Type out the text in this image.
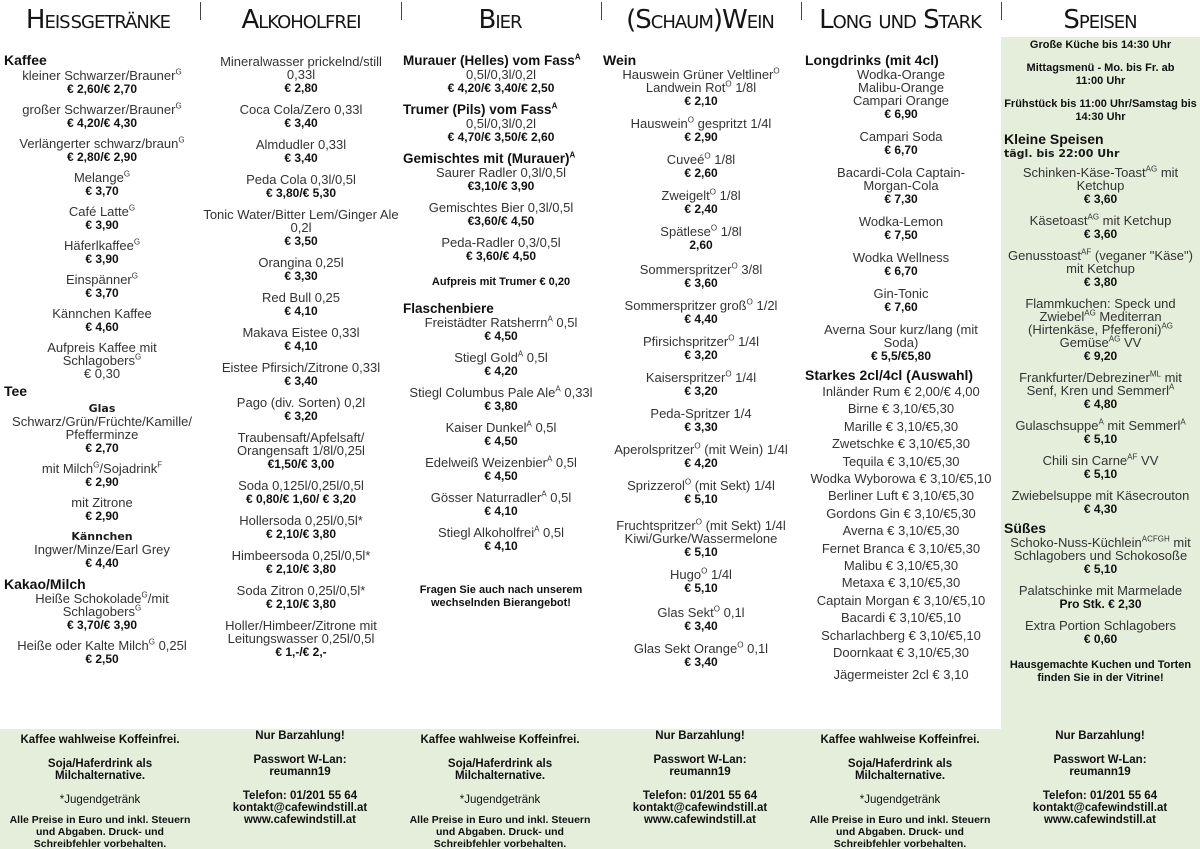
Heißgetränke	Alkoholfrei	Bier	(Schaum)Wein	Long und Stark	Speisen
Kaffee
kleiner Schwarzer/Brauner$^G$
€ 2,60/€ 2,70
großer Schwarzer/Brauner$^G$
€ 4,20/€ 4,30
Verlängerter schwarz/braun$^G$
€ 2,80/€ 2,90
Melange$^G$
€ 3,70
Café Latte$^G$
€ 3,90
Häferlkaffee$^G$
€ 3,90
Einspänner$^G$
€ 3,70
Kännchen Kaffee
€ 4,60
Aufpreis Kaffee mit Schlagobers$^G$
€ 0,30
Tee
Glas
Schwarz/Grün/Früchte/Kamille/ Pfefferminze
€ 2,70
mit Milch$^G$/Sojadrink$^F$
€ 2,90
mit Zitrone
€ 2,90
Kännchen
Ingwer/Minze/Earl Grey
€ 4,40
Kakao/Milch
Heiße Schokolade$^G$/mit Schlagobers$^G$
€ 3,70/€ 3,90
Heiße oder Kalte Milch$^G$ 0,25l
€ 2,50
Mineralwasser prickelnd/still 0,33l
€ 2,80
Coca Cola/Zero 0,33l
€ 3,40
Almdudler 0,33l
€ 3,40
Peda Cola 0,3l/0,5l
€ 3,80/€ 5,30
Tonic Water/Bitter Lem/Ginger Ale 0,2l
€ 3,50
Orangina 0,25l
€ 3,30
Red Bull 0,25
€ 4,10
Makava Eistee 0,33l
€ 4,10
Eistee Pfirsich/Zitrone 0,33l
€ 3,40
Pago (div. Sorten) 0,2l
€ 3,20
Traubensaft/Apfelsaft/ Orangensaft 1/8l/0,25l
€1,50/€ 3,00
Soda 0,125l/0,25l/0,5l
€ 0,80/€ 1,60/ € 3,20
Hollersoda 0,25l/0,5l*
€ 2,10/€ 3,80
Himbeersoda 0,25l/0,5l*
€ 2,10/€ 3,80
Soda Zitron 0,25l/0,5l*
€ 2,10/€ 3,80
Holler/Himbeer/Zitrone mit Leitungswasser 0,25l/0,5l
€ 1,-/€ 2,-
Murauer (Helles) vom Fass$^A$
0,5l/0,3l/0,2l
€ 4,20/€ 3,40/€ 2,50
Trumer (Pils) vom Fass$^A$
0,5l/0,3l/0,2l
€ 4,70/€ 3,50/€ 2,60
Gemischtes mit (Murauer)$^A$
Saurer Radler 0,3l/0,5l
€3,10/€ 3,90
Gemischtes Bier 0,3l/0,5l
€3,60/€ 4,50
Peda-Radler 0,3/0,5l
€ 3,60/€ 4,50
Aufpreis mit Trumer € 0,20
Flaschenbiere
Freistädter Ratsherrn$^A$ 0,5l
€ 4,50
Stiegl Gold$^A$ 0,5l
€ 4,20
Stiegl Columbus Pale Ale$^A$ 0,33l
€ 3,80
Kaiser Dunkel$^A$ 0,5l
€ 4,50
Edelweiß Weizenbier$^A$ 0,5l
€ 4,50
Gösser Naturradler$^A$ 0,5l
€ 4,10
Stiegl Alkoholfrei$^A$ 0,5l
€ 4,10
Fragen Sie auch nach unserem wechselnden Bierangebot!
Wein
Hauswein Grüner Veltliner$^O$ Landwein Rot$^O$ 1/8l
€ 2,10
Hauswein$^O$ gespritzt 1/4l
€ 2,90
Cuveé$^O$ 1/8l
€ 2,60
Zweigelt$^O$ 1/8l
€ 2,40
Spätlese$^O$ 1/8l
2,60
Sommerspritzer$^O$ 3/8l
€ 3,60
Sommerspritzer groß$^O$ 1/2l
€ 4,40
Pfirsichspritzer$^O$ 1/4l
€ 3,20
Kaiserspritzer$^O$ 1/4l
€ 3,20
Peda-Spritzer 1/4
€ 3,30
Aperolspritzer$^O$ (mit Wein) 1/4l
€ 4,20
Sprizzerol$^O$ (mit Sekt) 1/4l
€ 5,10
Fruchtspritzer$^O$ (mit Sekt) 1/4l Kiwi/Gurke/Wassermelone
€ 5,10
Hugo$^O$ 1/4l
€ 5,10
Glas Sekt$^O$ 0,1l
€ 3,40
Glas Sekt Orange$^O$ 0,1l
€ 3,40
Longdrinks (mit 4cl)
Wodka-Orange Malibu-Orange Campari Orange
€ 6,90
Campari Soda
€ 6,70
Bacardi-Cola Captain-Morgan-Cola
€ 7,30
Wodka-Lemon
€ 7,50
Wodka Wellness
€ 6,70
Gin-Tonic
€ 7,60
Averna Sour kurz/lang (mit Soda)
€ 5,5/€5,80
Starkes 2cl/4cl (Auswahl)
Inländer Rum € 2,00/€ 4,00
Birne € 3,10/€5,30
Marille € 3,10/€5,30
Zwetschke € 3,10/€5,30
Tequila € 3,10/€5,30
Wodka Wyborowa € 3,10/€5,10
Berliner Luft € 3,10/€5,30
Gordons Gin € 3,10/€5,30
Averna € 3,10/€5,30
Fernet Branca € 3,10/€5,30
Malibu € 3,10/€5,30
Metaxa € 3,10/€5,30
Captain Morgan € 3,10/€5,10
Bacardi € 3,10/€5,10
Scharlachberg € 3,10/€5,10
Doornkaat € 3,10/€5,30
Jägermeister 2cl € 3,10
Große Küche bis 14:30 Uhr
Mittagsmenü - Mo. bis Fr. ab 11:00 Uhr
Frühstück bis 11:00 Uhr/Samstag bis 14:30 Uhr
Kleine Speisen
tägl. bis 22:00 Uhr
Schinken-Käse-Toast$^{AG}$ mit Ketchup
€ 3,60
Käsetoast$^{AG}$ mit Ketchup
€ 3,60
Genusstoast$^{AF}$ (veganer "Käse") mit Ketchup
€ 3,80
Flammkuchen: Speck und Zwiebel$^{AG}$ Mediterran (Hirtenkäse, Pfefferoni)$^{AG}$ Gemüse$^{AG}$ VV
€ 9,20
Frankfurter/Debreziner$^{ML}$ mit Senf, Kren und Semmerl$^A$
€ 4,80
Gulaschsuppe$^A$ mit Semmerl$^A$
€ 5,10
Chili sin Carne$^{AF}$ VV
€ 5,10
Zwiebelsuppe mit Käsecrouton
€ 4,30
Süßes
Schoko-Nuss-Küchlein$^{ACFGH}$ mit Schlagobers und Schokosoße
€ 5,10
Palatschinke mit Marmelade
Pro Stk. € 2,30
Extra Portion Schlagobers
€ 0,60
Hausgemachte Kuchen und Torten finden Sie in der Vitrine!

Kaffee wahlweise Koffeinfrei.

Soja/Haferdrink als Milchalternative.

*Jugendgetränk

Alle Preise in Euro und inkl. Steuern und Abgaben. Druck- und Schreibfehler vorbehalten.

Nur Barzahlung!

Passwort W-Lan: reumann19

Telefon: 01/201 55 64

kontakt@cafewindstill.at

www.cafewindstill.at

Kaffee wahlweise Koffeinfrei.

Soja/Haferdrink als Milchalternative.

*Jugendgetränk

Alle Preise in Euro und inkl. Steuern und Abgaben. Druck- und Schreibfehler vorbehalten.

Nur Barzahlung!

Passwort W-Lan: reumann19

Telefon: 01/201 55 64

kontakt@cafewindstill.at

www.cafewindstill.at

Kaffee wahlweise Koffeinfrei.

Soja/Haferdrink als Milchalternative.

*Jugendgetränk

Alle Preise in Euro und inkl. Steuern und Abgaben. Druck- und Schreibfehler vorbehalten.

Nur Barzahlung!

Passwort W-Lan: reumann19

Telefon: 01/201 55 64

kontakt@cafewindstill.at

www.cafewindstill.at
